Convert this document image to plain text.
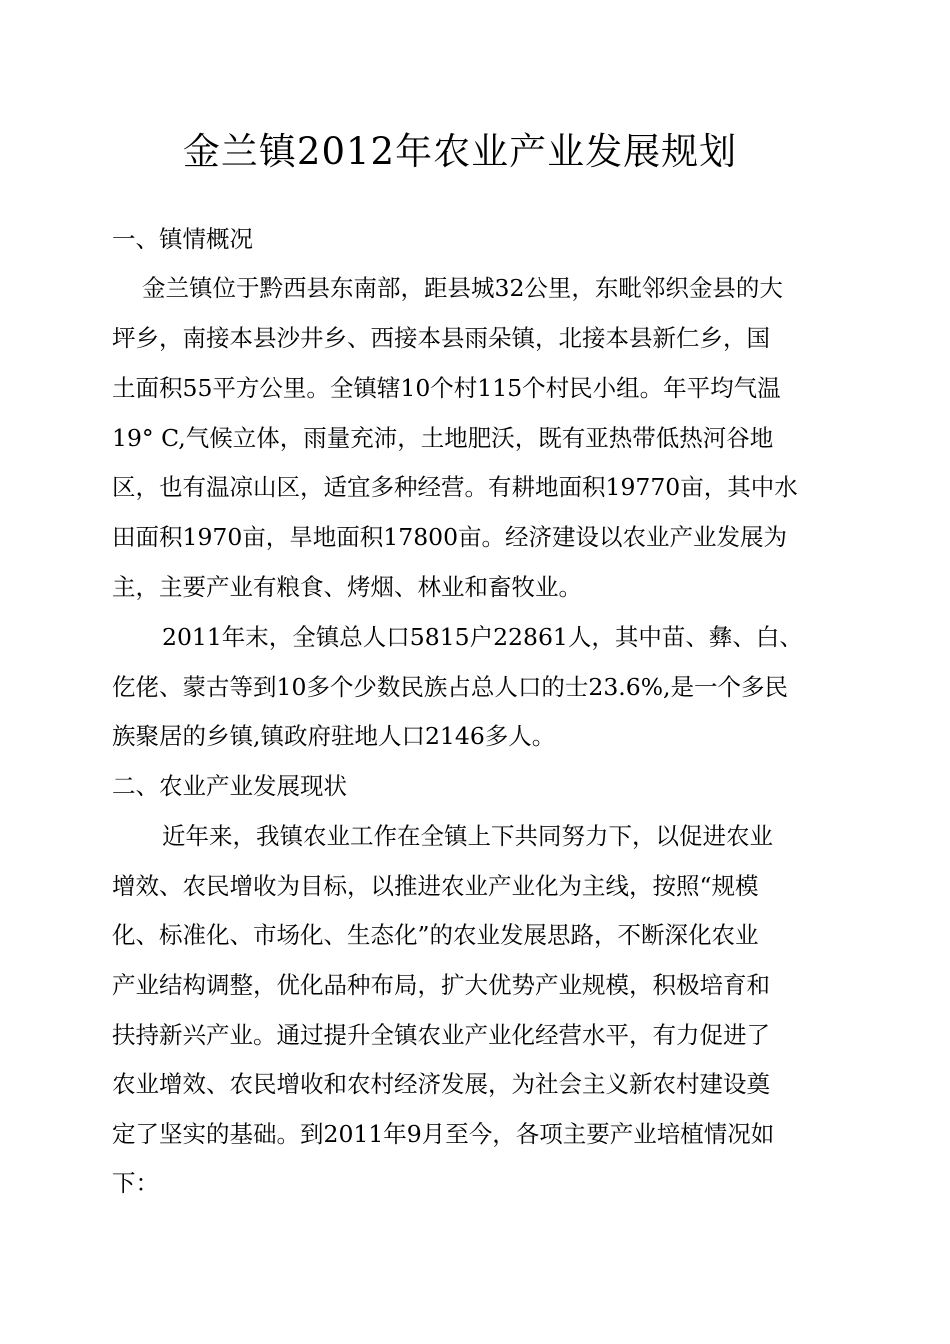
金兰镇2012年农业产业发展规划
一、镇情概况
金兰镇位于黔西县东南部，距县城32公里，东毗邻织金县的大
坪乡，南接本县沙井乡、西接本县雨朵镇，北接本县新仁乡，国
土面积55平方公里。全镇辖10个村115个村民小组。年平均气温
19° C,气候立体，雨量充沛，土地肥沃，既有亚热带低热河谷地
区，也有温凉山区，适宜多种经营。有耕地面积19770亩，其中水
田面积1970亩，旱地面积17800亩。经济建设以农业产业发展为
主，主要产业有粮食、烤烟、林业和畜牧业。
2011年末，全镇总人口5815户22861人，其中苗、彝、白、
仡佬、蒙古等到10多个少数民族占总人口的士23.6%,是一个多民
族聚居的乡镇,镇政府驻地人口2146多人。
二、农业产业发展现状
近年来，我镇农业工作在全镇上下共同努力下，以促进农业
增效、农民增收为目标，以推进农业产业化为主线，按照“规模
化、标准化、市场化、生态化”的农业发展思路，不断深化农业
产业结构调整，优化品种布局，扩大优势产业规模，积极培育和
扶持新兴产业。通过提升全镇农业产业化经营水平，有力促进了
农业增效、农民增收和农村经济发展，为社会主义新农村建设奠
定了坚实的基础。到2011年9月至今，各项主要产业培植情况如
下：
